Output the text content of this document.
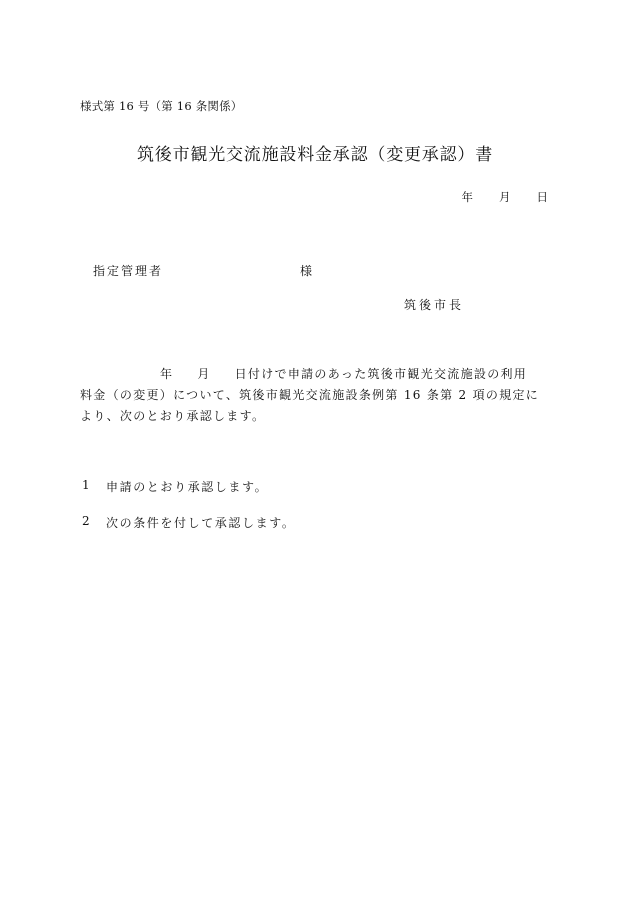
様式第 16 号（第 16 条関係）
筑後市観光交流施設料金承認（変更承認）書
年 月 日
指定管理者	様
筑後市長
年 月 日付けで申請のあった筑後市観光交流施設の利用
料金（の変更）について、筑後市観光交流施設条例第 16 条第 2 項の規定により、次のとおり承認します。
1	申請のとおり承認します。
2	次の条件を付して承認します。
